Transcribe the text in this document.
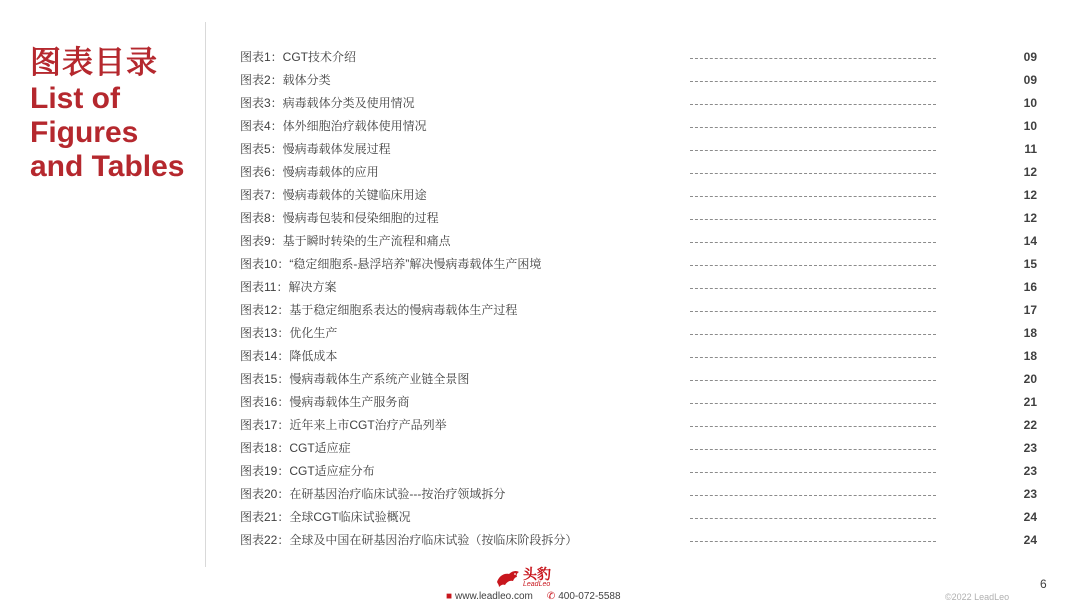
图表目录
List of
Figures
and Tables
图表1：CGT技术介绍	09
图表2：载体分类	09
图表3：病毒载体分类及使用情况	10
图表4：体外细胞治疗载体使用情况	10
图表5：慢病毒载体发展过程	11
图表6：慢病毒载体的应用	12
图表7：慢病毒载体的关键临床用途	12
图表8：慢病毒包装和侵染细胞的过程	12
图表9：基于瞬时转染的生产流程和痛点	14
图表10：“稳定细胞系-悬浮培养”解决慢病毒载体生产困境	15
图表11：解决方案	16
图表12：基于稳定细胞系表达的慢病毒载体生产过程	17
图表13：优化生产	18
图表14：降低成本	18
图表15：慢病毒载体生产系统产业链全景图	20
图表16：慢病毒载体生产服务商	21
图表17：近年来上市CGT治疗产品列举	22
图表18：CGT适应症	23
图表19：CGT适应症分布	23
图表20：在研基因治疗临床试验---按治疗领域拆分	23
图表21：全球CGT临床试验概况	24
图表22：全球及中国在研基因治疗临床试验（按临床阶段拆分）	24
头豹
LeadLeo
■ www.leadleo.com ✆ 400-072-5588	©2022 LeadLeo
6
